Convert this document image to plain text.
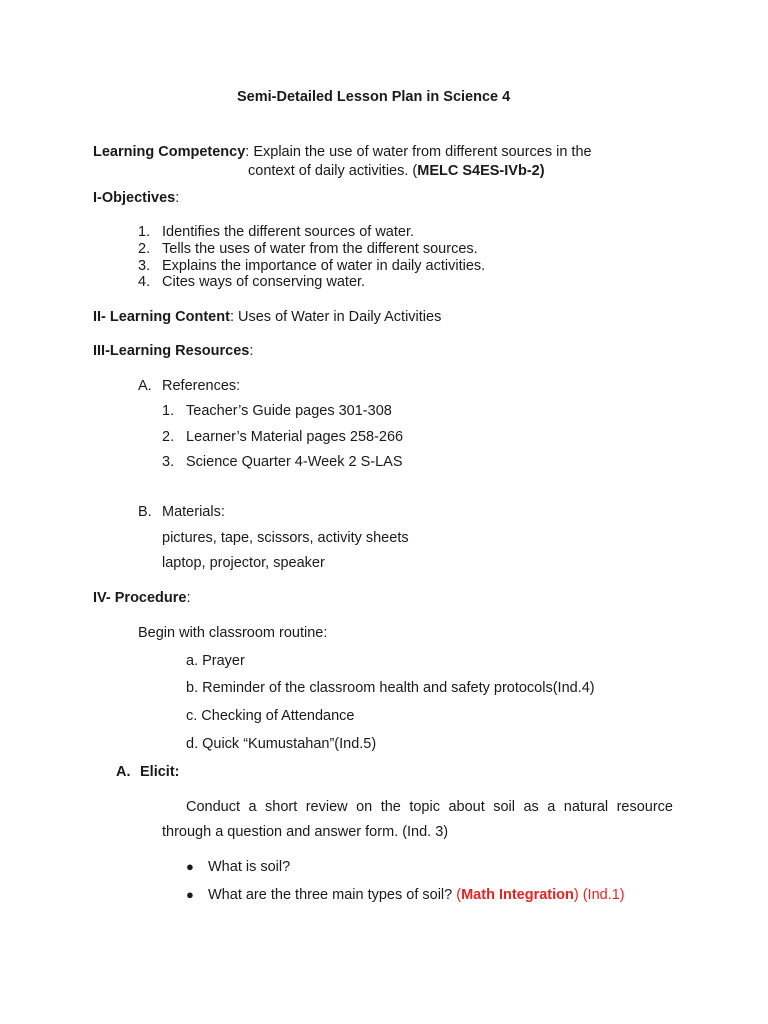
Semi-Detailed Lesson Plan in Science 4
Learning Competency: Explain the use of water from different sources in the
context of daily activities. (MELC S4ES-IVb-2)
I-Objectives:
1. Identifies the different sources of water.
2. Tells the uses of water from the different sources.
3. Explains the importance of water in daily activities.
4. Cites ways of conserving water.
II- Learning Content: Uses of Water in Daily Activities
III-Learning Resources:
A. References:
1. Teacher’s Guide pages 301-308
2. Learner’s Material pages 258-266
3. Science Quarter 4-Week 2 S-LAS
B. Materials:
pictures, tape, scissors, activity sheets
laptop, projector, speaker
IV- Procedure:
Begin with classroom routine:
a. Prayer
b. Reminder of the classroom health and safety protocols(Ind.4)
c. Checking of Attendance
d. Quick “Kumustahan”(Ind.5)
A. Elicit:
Conduct a short review on the topic about soil as a natural resource
through a question and answer form. (Ind. 3)
● What is soil?
● What are the three main types of soil? (Math Integration) (Ind.1)
